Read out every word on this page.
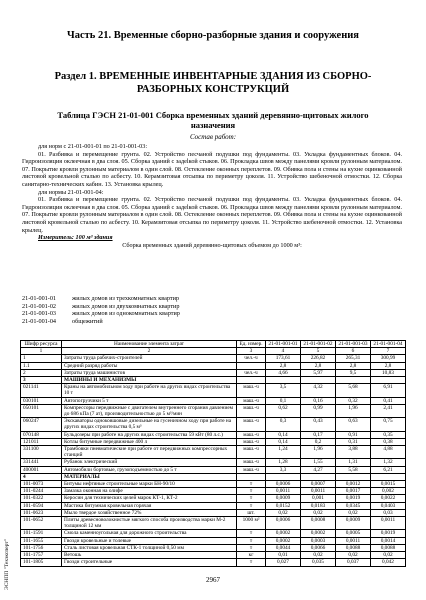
Часть 21. Временные сборно-разборные здания и сооружения
Раздел 1. ВРЕМЕННЫЕ ИНВЕНТАРНЫЕ ЗДАНИЯ ИЗ СБОРНО-РАЗБОРНЫХ КОНСТРУКЦИЙ
Таблица ГЭСН 21-01-001 Сборка временных зданий деревянно-щитовых жилого назначения
Состав работ:

для норм с 21-01-001-01 по 21-01-001-03:

01. Разбивка и перемещение грунта. 02. Устройство песчаной подушки под фундаменты. 03. Укладка фундаментных блоков. 04. Гидроизоляция оклеечная в два слоя. 05. Сборка зданий с задelкой стыков. 06. Прокладка швов между панелями кровли рулонным материалом. 07. Покрытие кровли рулонным материалом в один слой. 08. Остекление оконных переплетов. 09. Обивка пола и стены на кухне оцинкованной листовой кровельной сталью по асбесту. 10. Керамзитовая отсыпка по периметру цоколя. 11. Устройство шебеночной отмостки. 12. Сборка санитарно-технических кабин. 13. Установка крылец.

для нормы 21-01-001-04:

01. Разбивка и перемещение грунта. 02. Устройство песчаной подушки под фундаменты. 03. Укладка фундаментных блоков. 04. Гидроизоляция оклеечная в два слоя. 05. Сборка зданий с задelкой стыков. 06. Прокладка швов между панелями кровли рулонным материалом. 07. Покрытие кровли рулонным материалом в один слой. 08. Остекление оконных переплетов. 09. Обивка пола и стены на кухне оцинкованной листовой кровельной сталью по асбесту. 10. Керамзитовая отсыпка по периметру цоколя. 11. Устройство шебеночной отмостки. 12. Установка крылец.

Измеритель: 100 м³ здания

Сборка временных зданий деревянно-щитовых объемом до 1000 м³:

21-01-001-01	жилых домов из трехкомнатных квартир
21-01-001-02	жилых домов из двухкомнатных квартир
21-01-001-03	жилых домов из однокомнатных квартир
21-01-001-04	общежитий
Шифр ресурса	Наименование элемента затрат	Ед. измер.	21-01-001-01	21-01-001-02	21-01-001-03	21-01-001-04
1	2	3	4	5	6	7
1	Затраты труда рабочих-строителей	чел.-ч	173,61	226,82	265,31	300,99
1.1	Средний разряд работы		2,8	2,8	2,8	2,8
2	Затраты труда машинистов	чел.-ч	4,66	5,97	9,5	10,83
3	МАШИНЫ И МЕХАНИЗМЫ					
021141	Краны на автомобильном ходу при работе на других видах строительства 10 т	маш.-ч	3,5	4,32	5,68	6,91
030101	Автопогрузчики 5 т	маш.-ч	0,1	0,16	0,32	0,41
050101	Компрессоры передвижные с двигателем внутреннего сгорания давлением до 686 кПа (7 ат), производительностью до 5 м³/мин	маш.-ч	0,62	0,99	1,96	2,41
060247	Экскаваторы одноковшовые дизельные на гусеничном ходу при работе на других видах строительства 0,5 м³	маш.-ч	0,3	0,43	0,63	0,75
070148	Бульдозеры при работе на других видах строительства 59 кВт (80 л.с.)	маш.-ч	0,14	0,17	0,91	0,35
121011	Котлы битумные передвижные 400 л	маш.-ч	0,14	0,2	0,31	0,38
331100	Трамбовки пневматические при работе от передвижных компрессорных станций	маш.-ч	1,24	1,96	3,88	4,88
331441	Рубанок электрический	маш.-ч	1,28	1,55	1,31	1,32
400001	Автомобили бортовые, грузоподъемностью до 5 т	маш.-ч	3,3	4,27	5,58	6,21
4	МАТЕРИАЛЫ					
101-0073	Битумы нефтяные строительные марки БН-90/10	т	0,0006	0,0007	0,0012	0,0015
101-0244	Замазка оконная на олифе	т	0,0011	0,0011	0,0017	0,002
101-0322	Керосин для технических целей марок КТ-1, КТ-2	т	0,0009	0,001	0,0019	0,0022
101-0594	Мастика битумная кровельная горячая	т	0,0152	0,0183	0,0345	0,0403
101-0623	Мыло твердое хозяйственное 72%	шт.	0,02	0,02	0,02	0,03
101-0652	Плиты древесноволокнистые мягкого способа производства марки М-2 толщиной 12 мм	1000 м²	0,0006	0,0008	0,0009	0,0011
101-1591	Смола каменноугольная для дорожного строительства	т	0,0002	0,0002	0,0005	0,0019
101-1655	Гвозди кровельные и толевые	т	0,0002	0,0003	0,0011	0,0014
101-1756	Сталь листовая кровельная СТК-1 толщиной 0,50 мм	т	0,0044	0,0066	0,0088	0,0088
101-1757	Ветошь	кг	0,01	0,02	0,02	0,02
101-1805	Гвозди строительные	т	0,027	0,035	0,037	0,042
2967
ЭСНПП "Техэксперт"
